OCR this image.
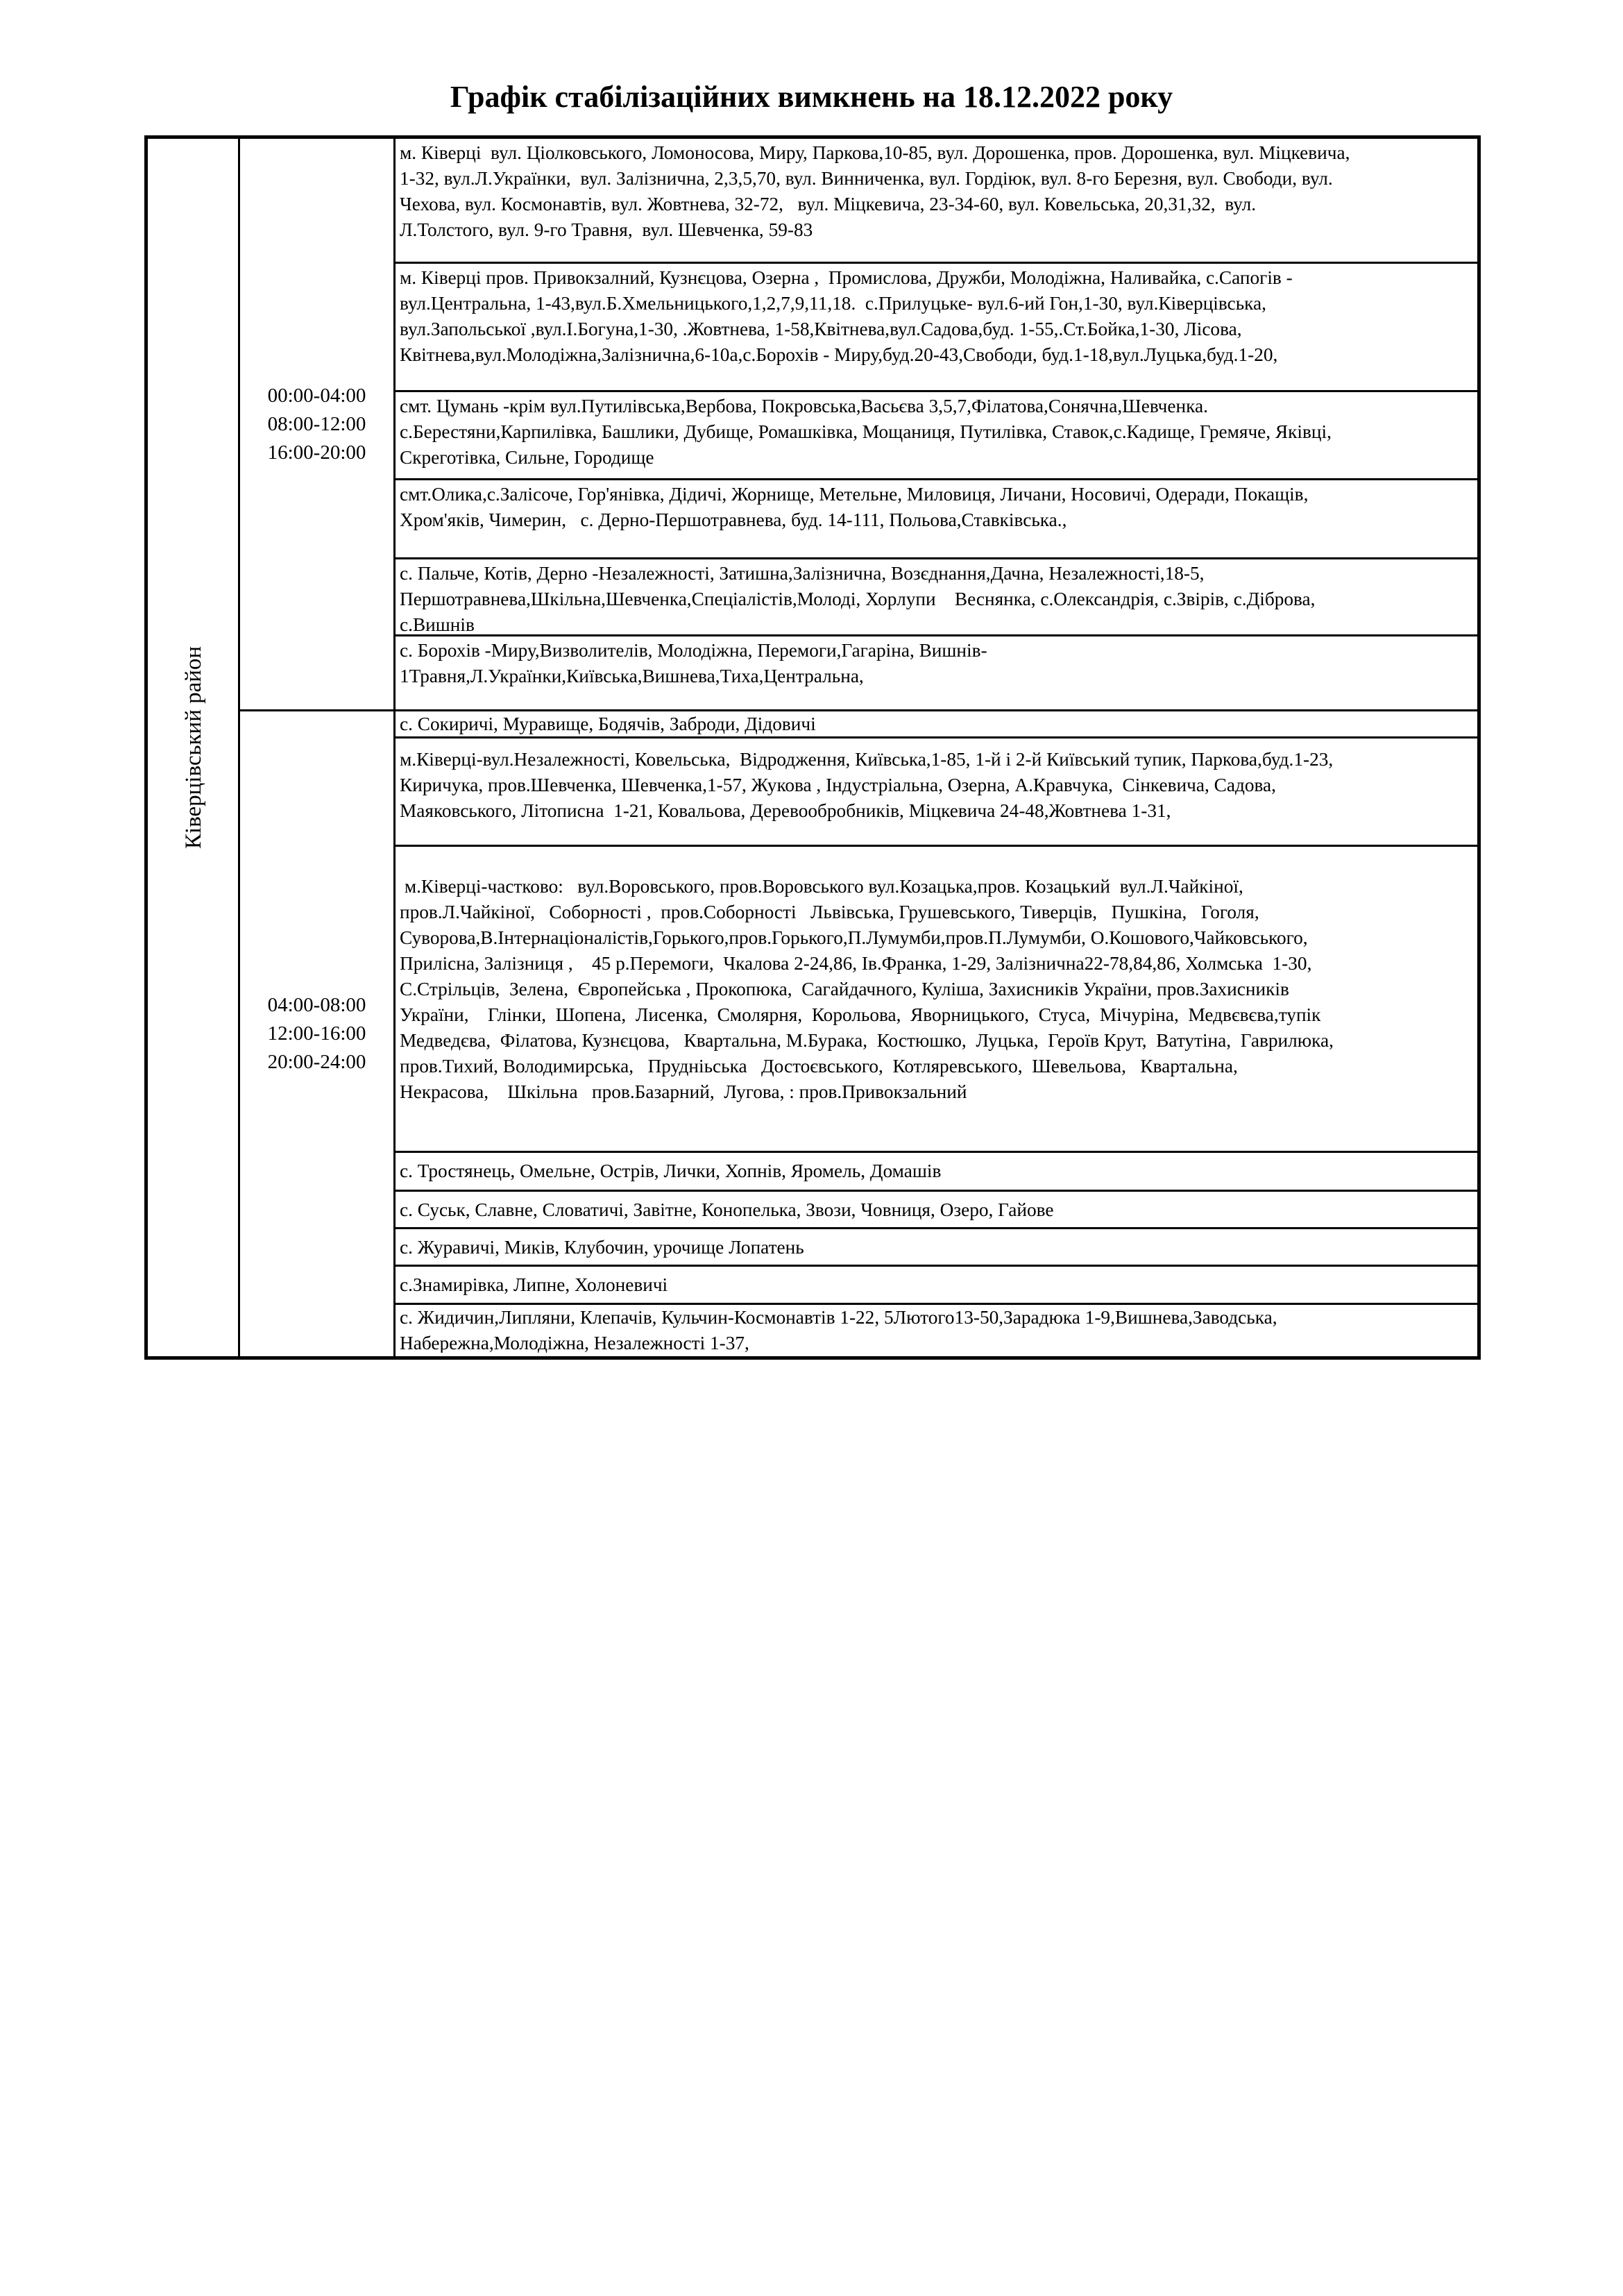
Графік стабілізаційних вимкнень на 18.12.2022 року
Ківерцівський район
00:00-04:00
08:00-12:00
16:00-20:00
м. Ківерці  вул. Ціолковського, Ломоносова, Миру, Паркова,10-85, вул. Дорошенка, пров. Дорошенка, вул. Міцкевича,
1-32, вул.Л.Українки,  вул. Залізнична, 2,3,5,70, вул. Винниченка, вул. Гордіюк, вул. 8-го Березня, вул. Свободи, вул.
Чехова, вул. Космонавтів, вул. Жовтнева, 32-72,   вул. Міцкевича, 23-34-60, вул. Ковельська, 20,31,32,  вул.
Л.Толстого, вул. 9-го Травня,  вул. Шевченка, 59-83
м. Ківерці пров. Привокзалний, Кузнєцова, Озерна ,  Промислова, Дружби, Молодіжна, Наливайка, с.Сапогів -
вул.Центральна, 1-43,вул.Б.Хмельницького,1,2,7,9,11,18.  с.Прилуцьке- вул.6-ий Гон,1-30, вул.Ківерцівська,
вул.Запольської ,вул.І.Богуна,1-30, .Жовтнева, 1-58,Квітнева,вул.Садова,буд. 1-55,.Ст.Бойка,1-30, Лісова,
Квітнева,вул.Молодіжна,Залізнична,6-10а,с.Борохів - Миру,буд.20-43,Свободи, буд.1-18,вул.Луцька,буд.1-20,
смт. Цумань -крім вул.Путилівська,Вербова, Покровська,Васьєва 3,5,7,Філатова,Сонячна,Шевченка.
с.Берестяни,Карпилівка, Башлики, Дубище, Ромашківка, Мощаниця, Путилівка, Ставок,с.Кадище, Гремяче, Яківці,
Скреготівка, Сильне, Городище
смт.Олика,с.Залісоче, Гор'янівка, Дідичі, Жорнище, Метельне, Миловиця, Личани, Носовичі, Одеради, Покащів,
Хром'яків, Чимерин,   с. Дерно-Першотравнева, буд. 14-111, Польова,Ставківська.,
с. Пальче, Котів, Дерно -Незалежності, Затишна,Залізнична, Возєднання,Дачна, Незалежності,18-5,
Першотравнева,Шкільна,Шевченка,Спеціалістів,Молоді, Хорлупи    Веснянка, с.Олександрія, с.Звірів, с.Діброва,
с.Вишнів
с. Борохів -Миру,Визволителів, Молодіжна, Перемоги,Гагаріна, Вишнів-
1Травня,Л.Українки,Київська,Вишнева,Тиха,Центральна,
04:00-08:00
12:00-16:00
20:00-24:00
с. Сокиричі, Муравище, Бодячів, Заброди, Дідовичі
м.Ківерці-вул.Незалежності, Ковельська,  Відродження, Київська,1-85, 1-й і 2-й Київський тупик, Паркова,буд.1-23,
Киричука, пров.Шевченка, Шевченка,1-57, Жукова , Індустріальна, Озерна, А.Кравчука,  Сінкевича, Садова,
Маяковського, Літописна  1-21, Ковальова, Деревообробників, Міцкевича 24-48,Жовтнева 1-31,

м.Ківерці-частково:   вул.Воровського, пров.Воровського вул.Козацька,пров. Козацький  вул.Л.Чайкіної,
пров.Л.Чайкіної,   Соборності ,  пров.Соборності   Львівська, Грушевського, Тиверців,   Пушкіна,   Гоголя,
Суворова,В.Інтернаціоналістів,Горького,пров.Горького,П.Лумумби,пров.П.Лумумби, О.Кошового,Чайковського,
Прилісна, Залізниця ,    45 р.Перемоги,  Чкалова 2-24,86, Ів.Франка, 1-29, Залізнична22-78,84,86, Холмська  1-30,
С.Стрільців,  Зелена,  Європейська , Прокопюка,  Сагайдачного, Куліша, Захисників України, пров.Захисників
України,    Глінки,  Шопена,  Лисенка,  Смолярня,  Корольова,  Яворницького,  Стуса,  Мічуріна,  Медвєвєва,тупік
Медведєва,  Філатова, Кузнєцова,   Квартальна, М.Бурака,  Костюшко,  Луцька,  Героїв Крут,  Ватутіна,  Гаврилюка,
пров.Тихий, Володимирська,   Прудніьська   Достоєвського,  Котляревського,  Шевельова,   Квартальна,
Некрасова,    Шкільна   пров.Базарний,  Лугова, : пров.Привокзальний
с. Тростянець, Омельне, Острів, Лички, Хопнів, Яромель, Домашів
с. Суськ, Славне, Словатичі, Завітне, Конопелька, Звози, Човниця, Озеро, Гайове
с. Журавичі, Миків, Клубочин, урочище Лопатень
с.Знамирівка, Липне, Холоневичі
с. Жидичин,Липляни, Клепачів, Кульчин-Космонавтів 1-22, 5Лютого13-50,Зарадюка 1-9,Вишнева,Заводська,
Набережна,Молодіжна, Незалежності 1-37,
